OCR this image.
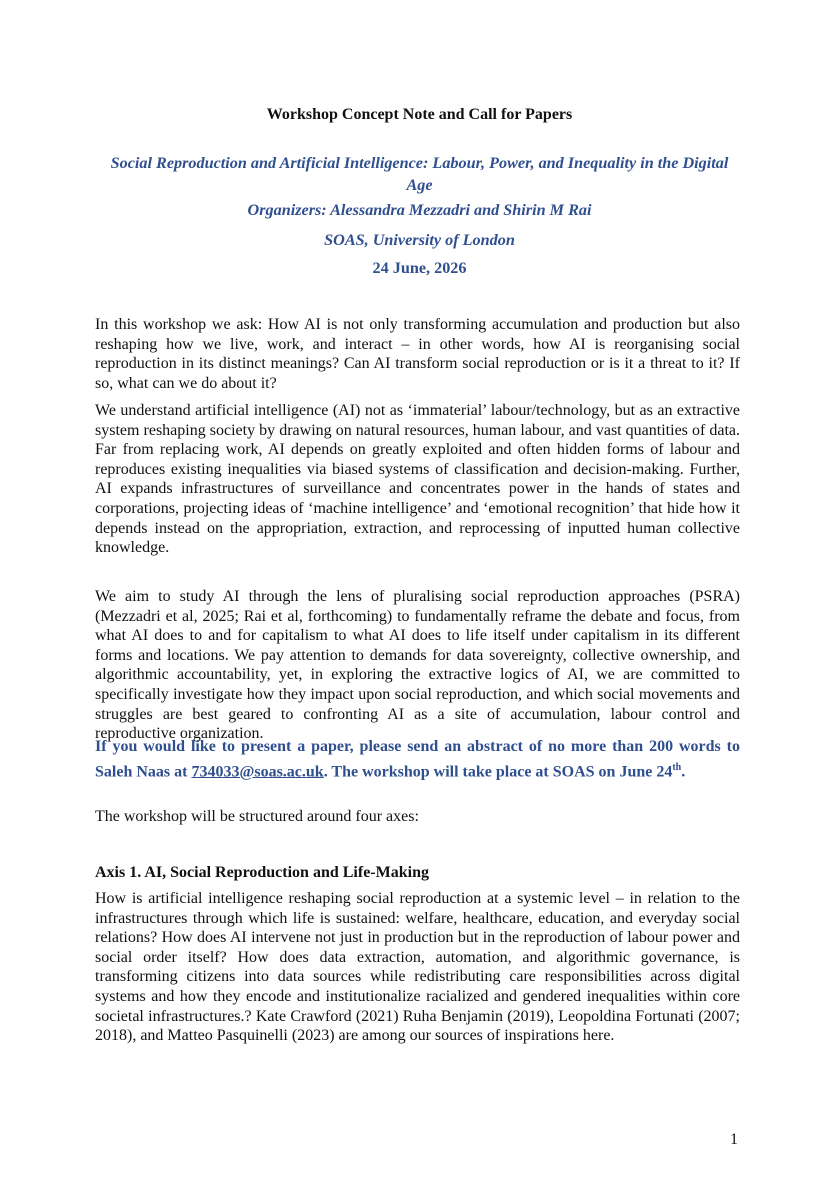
Workshop Concept Note and Call for Papers
Social Reproduction and Artificial Intelligence: Labour, Power, and Inequality in the Digital Age
Organizers: Alessandra Mezzadri and Shirin M Rai
SOAS, University of London
24 June, 2026
In this workshop we ask: How AI is not only transforming accumulation and production but also reshaping how we live, work, and interact – in other words, how AI is reorganising social reproduction in its distinct meanings? Can AI transform social reproduction or is it a threat to it? If so, what can we do about it?
We understand artificial intelligence (AI) not as ‘immaterial’ labour/technology, but as an extractive system reshaping society by drawing on natural resources, human labour, and vast quantities of data. Far from replacing work, AI depends on greatly exploited and often hidden forms of labour and reproduces existing inequalities via biased systems of classification and decision-making. Further, AI expands infrastructures of surveillance and concentrates power in the hands of states and corporations, projecting ideas of ‘machine intelligence’ and ‘emotional recognition’ that hide how it depends instead on the appropriation, extraction, and reprocessing of inputted human collective knowledge.
We aim to study AI through the lens of pluralising social reproduction approaches (PSRA) (Mezzadri et al, 2025; Rai et al, forthcoming) to fundamentally reframe the debate and focus, from what AI does to and for capitalism to what AI does to life itself under capitalism in its different forms and locations. We pay attention to demands for data sovereignty, collective ownership, and algorithmic accountability, yet, in exploring the extractive logics of AI, we are committed to specifically investigate how they impact upon social reproduction, and which social movements and struggles are best geared to confronting AI as a site of accumulation, labour control and reproductive organization.
If you would like to present a paper, please send an abstract of no more than 200 words to Saleh Naas at 734033@soas.ac.uk. The workshop will take place at SOAS on June 24th.
The workshop will be structured around four axes:
Axis 1. AI, Social Reproduction and Life-Making
How is artificial intelligence reshaping social reproduction at a systemic level – in relation to the infrastructures through which life is sustained: welfare, healthcare, education, and everyday social relations? How does AI intervene not just in production but in the reproduction of labour power and social order itself? How does data extraction, automation, and algorithmic governance, is transforming citizens into data sources while redistributing care responsibilities across digital systems and how they encode and institutionalize racialized and gendered inequalities within core societal infrastructures.? Kate Crawford (2021) Ruha Benjamin (2019), Leopoldina Fortunati (2007; 2018), and Matteo Pasquinelli (2023) are among our sources of inspirations here.
1
